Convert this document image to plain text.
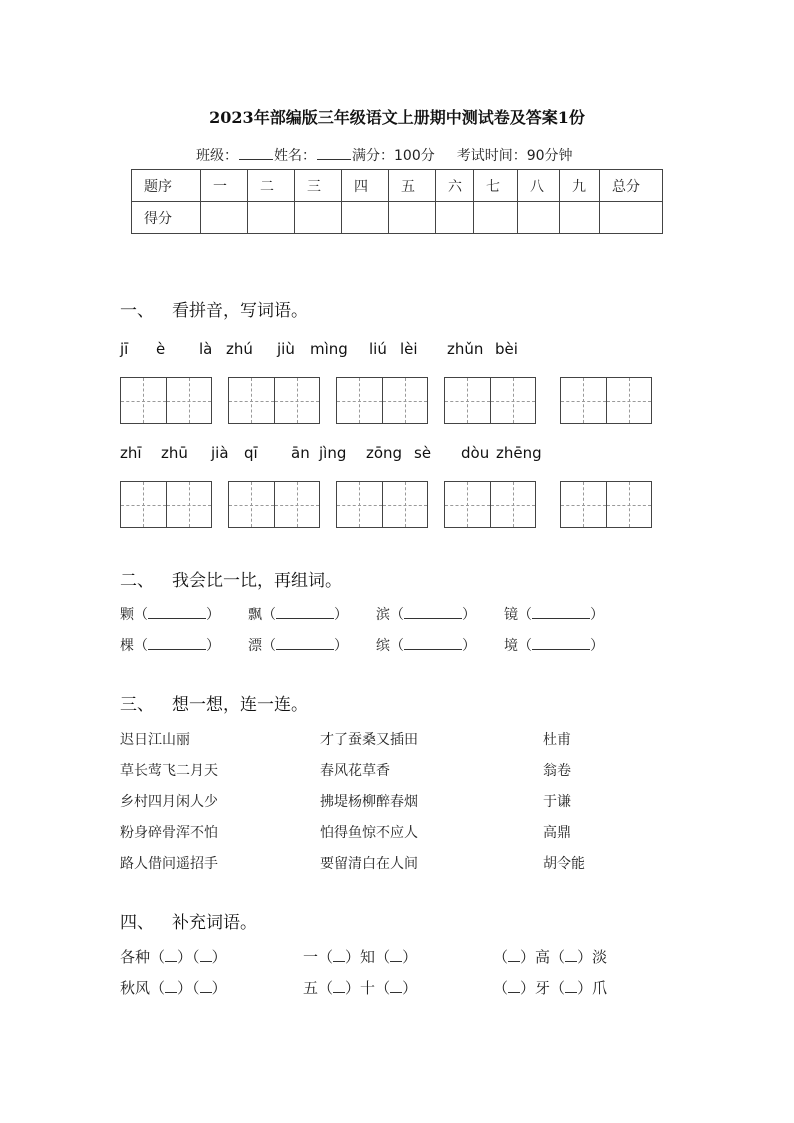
2023年部编版三年级语文上册期中测试卷及答案1份
班级：	姓名：	满分：100分 考试时间：90分钟
题序	一	二	三	四	五	六	七	八	九	总分
得分										
一、 看拼音，写词语。
jī è là zhú jiù mìng liú lèi zhǔn bèi
zhī zhū jià qī ān jìng zōng sè dòu zhēng
二、 我会比一比，再组词。
颗（	） 飘（	） 滨（	） 镜（	）
棵（	） 漂（	） 缤（	） 境（	）
三、 想一想，连一连。
迟日江山丽	才了蚕桑又插田	杜甫
草长莺飞二月天	春风花草香	翁卷
乡村四月闲人少	拂堤杨柳醉春烟	于谦
粉身碎骨浑不怕	怕得鱼惊不应人	高鼎
路人借问遥招手	要留清白在人间	胡令能
四、 补充词语。
各种（ ）（ ）	一（ ）知（ ）	（ ）高（ ）淡
秋风（ ）（ ）	五（ ）十（ ）	（ ）牙（ ）爪
